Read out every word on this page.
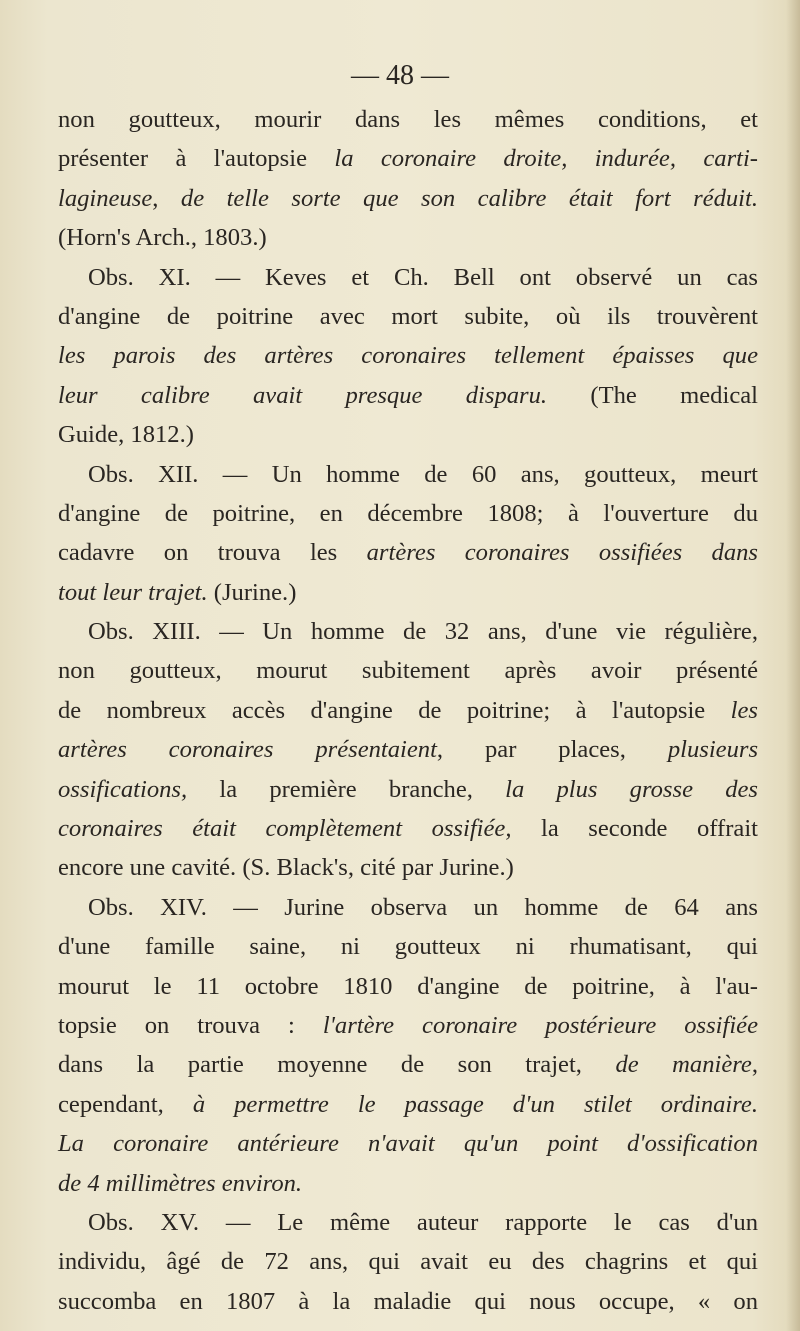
— 48 —

non goutteux, mourir dans les mêmes conditions, et
présenter à l'autopsie la coronaire droite, indurée, carti-
lagineuse, de telle sorte que son calibre était fort réduit.
(Horn's Arch., 1803.)
Obs. XI. — Keves et Ch. Bell ont observé un cas
d'angine de poitrine avec mort subite, où ils trouvèrent
les parois des artères coronaires tellement épaisses que
leur calibre avait presque disparu. (The medical
Guide, 1812.)
Obs. XII. — Un homme de 60 ans, goutteux, meurt
d'angine de poitrine, en décembre 1808; à l'ouverture du
cadavre on trouva les artères coronaires ossifiées dans
tout leur trajet. (Jurine.)
Obs. XIII. — Un homme de 32 ans, d'une vie régulière,
non goutteux, mourut subitement après avoir présenté
de nombreux accès d'angine de poitrine; à l'autopsie les
artères coronaires présentaient, par places, plusieurs
ossifications, la première branche, la plus grosse des
coronaires était complètement ossifiée, la seconde offrait
encore une cavité. (S. Black's, cité par Jurine.)
Obs. XIV. — Jurine observa un homme de 64 ans
d'une famille saine, ni goutteux ni rhumatisant, qui
mourut le 11 octobre 1810 d'angine de poitrine, à l'au-
topsie on trouva : l'artère coronaire postérieure ossifiée
dans la partie moyenne de son trajet, de manière,
cependant, à permettre le passage d'un stilet ordinaire.
La coronaire antérieure n'avait qu'un point d'ossification
de 4 millimètres environ.
Obs. XV. — Le même auteur rapporte le cas d'un
individu, âgé de 72 ans, qui avait eu des chagrins et qui
succomba en 1807 à la maladie qui nous occupe, « on
